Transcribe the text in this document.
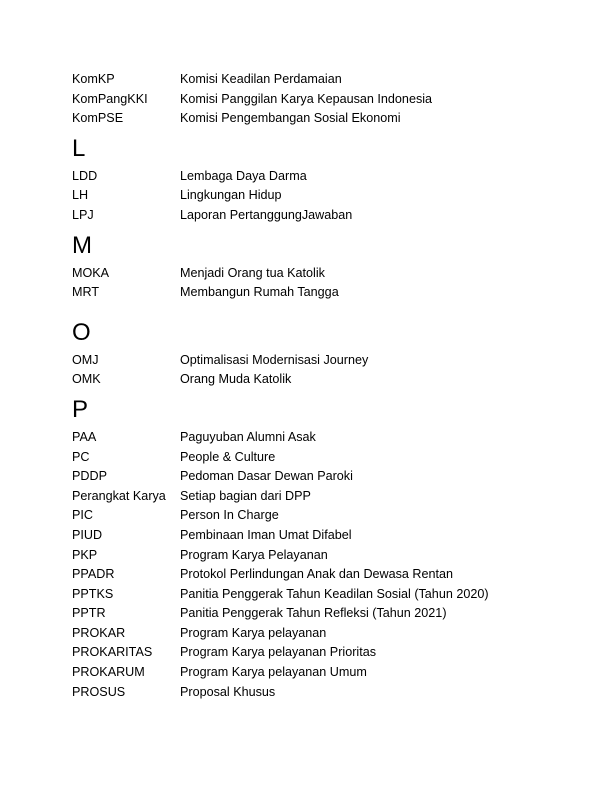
KomKP	Komisi Keadilan Perdamaian
KomPangKKI	Komisi Panggilan Karya Kepausan Indonesia
KomPSE	Komisi Pengembangan Sosial Ekonomi
L
LDD	Lembaga Daya Darma
LH	Lingkungan Hidup
LPJ	Laporan PertanggungJawaban
M
MOKA	Menjadi Orang tua Katolik
MRT	Membangun Rumah Tangga
O
OMJ	Optimalisasi Modernisasi Journey
OMK	Orang Muda Katolik
P
PAA	Paguyuban Alumni Asak
PC	People & Culture
PDDP	Pedoman Dasar Dewan Paroki
Perangkat Karya	Setiap bagian dari DPP
PIC	Person In Charge
PIUD	Pembinaan Iman Umat Difabel
PKP	Program Karya Pelayanan
PPADR	Protokol Perlindungan Anak dan Dewasa Rentan
PPTKS	Panitia Penggerak Tahun Keadilan Sosial (Tahun 2020)
PPTR	Panitia Penggerak Tahun Refleksi (Tahun 2021)
PROKAR	Program Karya pelayanan
PROKARITAS	Program Karya pelayanan Prioritas
PROKARUM	Program Karya pelayanan Umum
PROSUS	Proposal Khusus
